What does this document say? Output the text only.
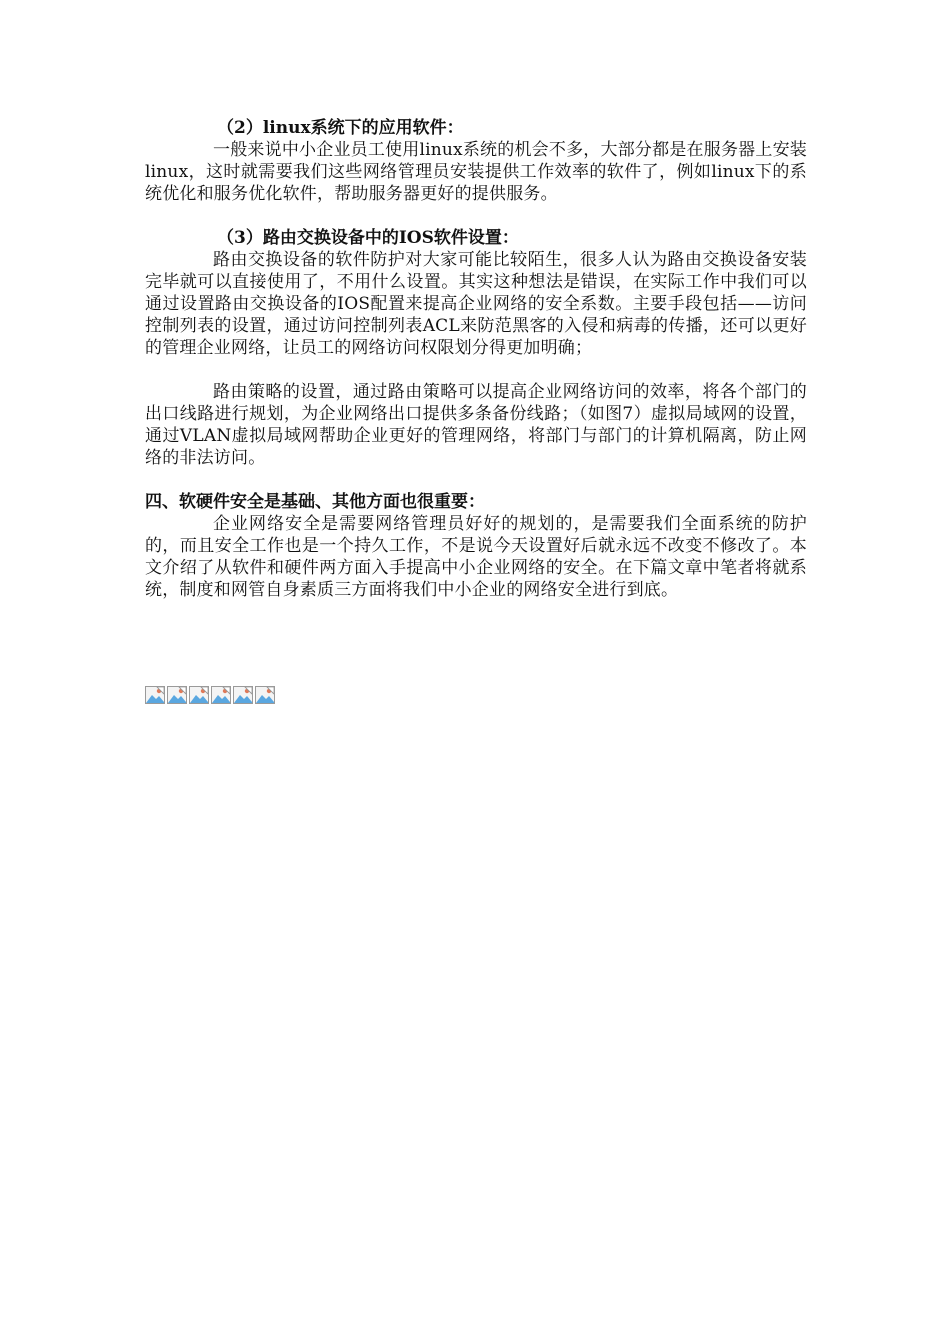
（2）linux系统下的应用软件：

一般来说中小企业员工使用linux系统的机会不多，大部分都是在服务器上安装linux，这时就需要我们这些网络管理员安装提供工作效率的软件了，例如linux下的系统优化和服务优化软件，帮助服务器更好的提供服务。

（3）路由交换设备中的IOS软件设置：

路由交换设备的软件防护对大家可能比较陌生，很多人认为路由交换设备安装完毕就可以直接使用了，不用什么设置。其实这种想法是错误，在实际工作中我们可以通过设置路由交换设备的IOS配置来提高企业网络的安全系数。主要手段包括——访问控制列表的设置，通过访问控制列表ACL来防范黑客的入侵和病毒的传播，还可以更好的管理企业网络，让员工的网络访问权限划分得更加明确；

路由策略的设置，通过路由策略可以提高企业网络访问的效率，将各个部门的出口线路进行规划，为企业网络出口提供多条备份线路；（如图7）虚拟局域网的设置，通过VLAN虚拟局域网帮助企业更好的管理网络，将部门与部门的计算机隔离，防止网络的非法访问。

四、软硬件安全是基础、其他方面也很重要：

企业网络安全是需要网络管理员好好的规划的，是需要我们全面系统的防护的，而且安全工作也是一个持久工作，不是说今天设置好后就永远不改变不修改了。本文介绍了从软件和硬件两方面入手提高中小企业网络的安全。在下篇文章中笔者将就系统，制度和网管自身素质三方面将我们中小企业的网络安全进行到底。
